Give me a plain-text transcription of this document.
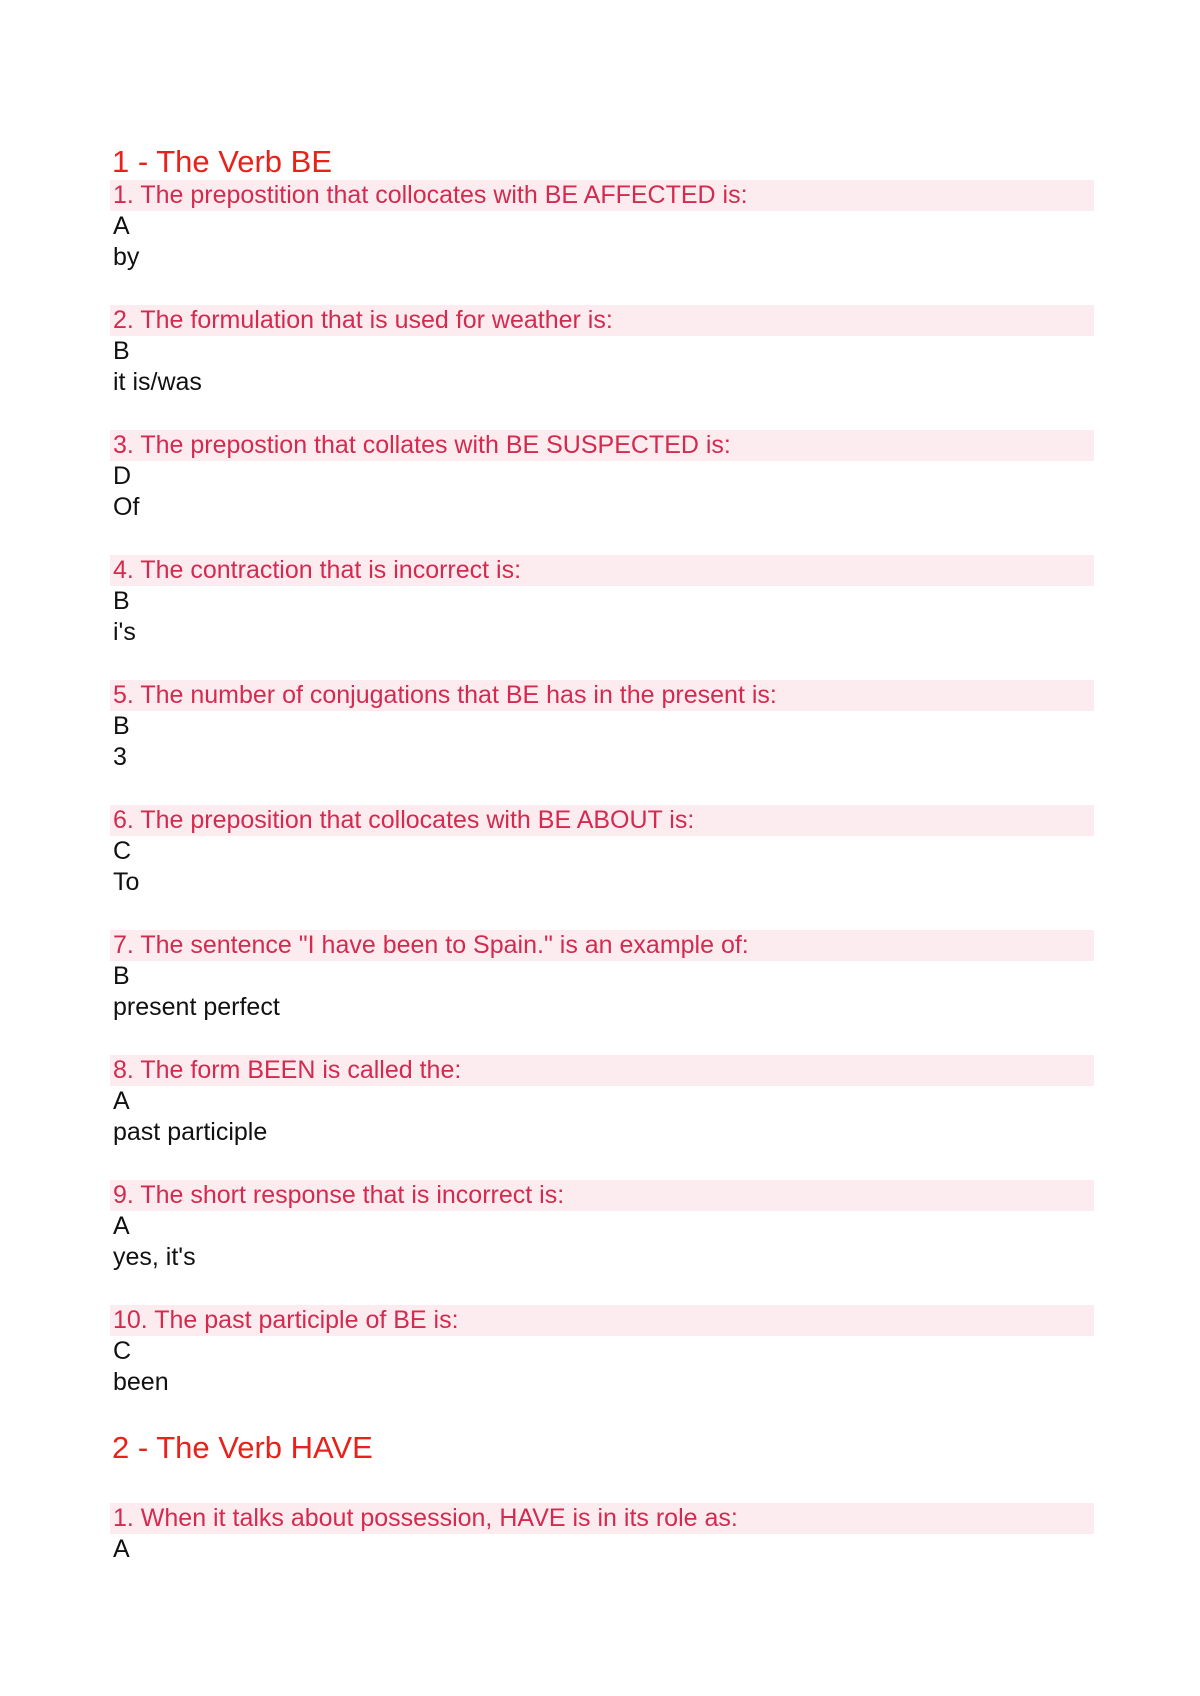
1 - The Verb BE
1. The prepostition that collocates with BE AFFECTED is:
A
by
2. The formulation that is used for weather is:
B
it is/was
3. The prepostion that collates with BE SUSPECTED is:
D
Of
4. The contraction that is incorrect is:
B
i's
5. The number of conjugations that BE has in the present is:
B
3
6. The preposition that collocates with BE ABOUT is:
C
To
7. The sentence "I have been to Spain." is an example of:
B
present perfect
8. The form BEEN is called the:
A
past participle
9. The short response that is incorrect is:
A
yes, it's
10. The past participle of BE is:
C
been
2 - The Verb HAVE
1. When it talks about possession, HAVE is in its role as:
A
